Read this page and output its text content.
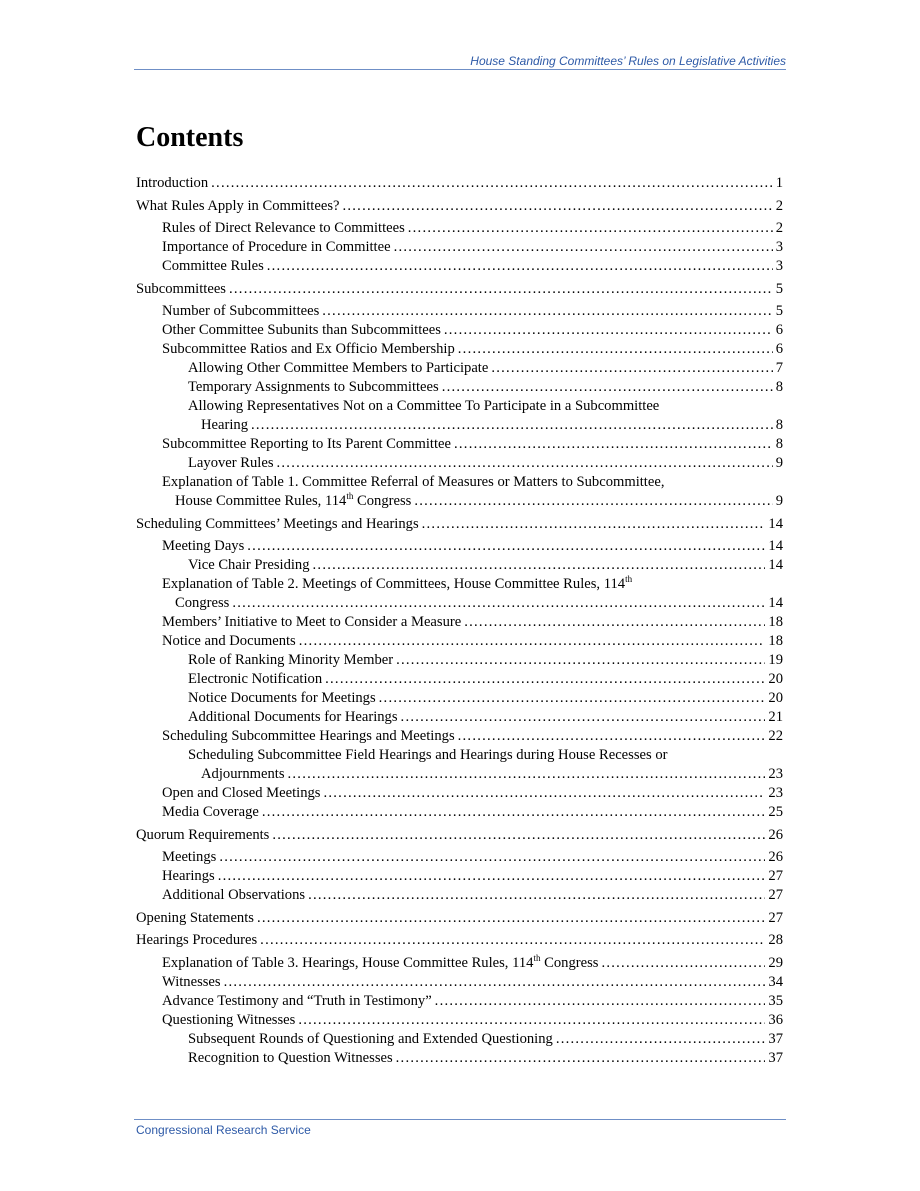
House Standing Committees’ Rules on Legislative Activities
Contents
Introduction . . .	1
What Rules Apply in Committees? . . .	2
Rules of Direct Relevance to Committees . . .	2
Importance of Procedure in Committee . . .	3
Committee Rules . . .	3
Subcommittees . . .	5
Number of Subcommittees . . .	5
Other Committee Subunits than Subcommittees . . .	6
Subcommittee Ratios and Ex Officio Membership . . .	6
Allowing Other Committee Members to Participate . . .	7
Temporary Assignments to Subcommittees . . .	8
Allowing Representatives Not on a Committee To Participate in a Subcommittee
Hearing . . .	8
Subcommittee Reporting to Its Parent Committee . . .	8
Layover Rules . . .	9
Explanation of Table 1. Committee Referral of Measures or Matters to Subcommittee,
House Committee Rules, 114th Congress . . .	9
Scheduling Committees’ Meetings and Hearings . . .	14
Meeting Days . . .	14
Vice Chair Presiding . . .	14
Explanation of Table 2. Meetings of Committees, House Committee Rules, 114th
Congress . . .	14
Members’ Initiative to Meet to Consider a Measure . . .	18
Notice and Documents . . .	18
Role of Ranking Minority Member . . .	19
Electronic Notification . . .	20
Notice Documents for Meetings . . .	20
Additional Documents for Hearings . . .	21
Scheduling Subcommittee Hearings and Meetings . . .	22
Scheduling Subcommittee Field Hearings and Hearings during House Recesses or
Adjournments . . .	23
Open and Closed Meetings . . .	23
Media Coverage . . .	25
Quorum Requirements . . .	26
Meetings . . .	26
Hearings . . .	27
Additional Observations . . .	27
Opening Statements . . .	27
Hearings Procedures . . .	28
Explanation of Table 3. Hearings, House Committee Rules, 114th Congress . . .	29
Witnesses . . .	34
Advance Testimony and “Truth in Testimony” . . .	35
Questioning Witnesses . . .	36
Subsequent Rounds of Questioning and Extended Questioning . . .	37
Recognition to Question Witnesses . . .	37
Congressional Research Service
